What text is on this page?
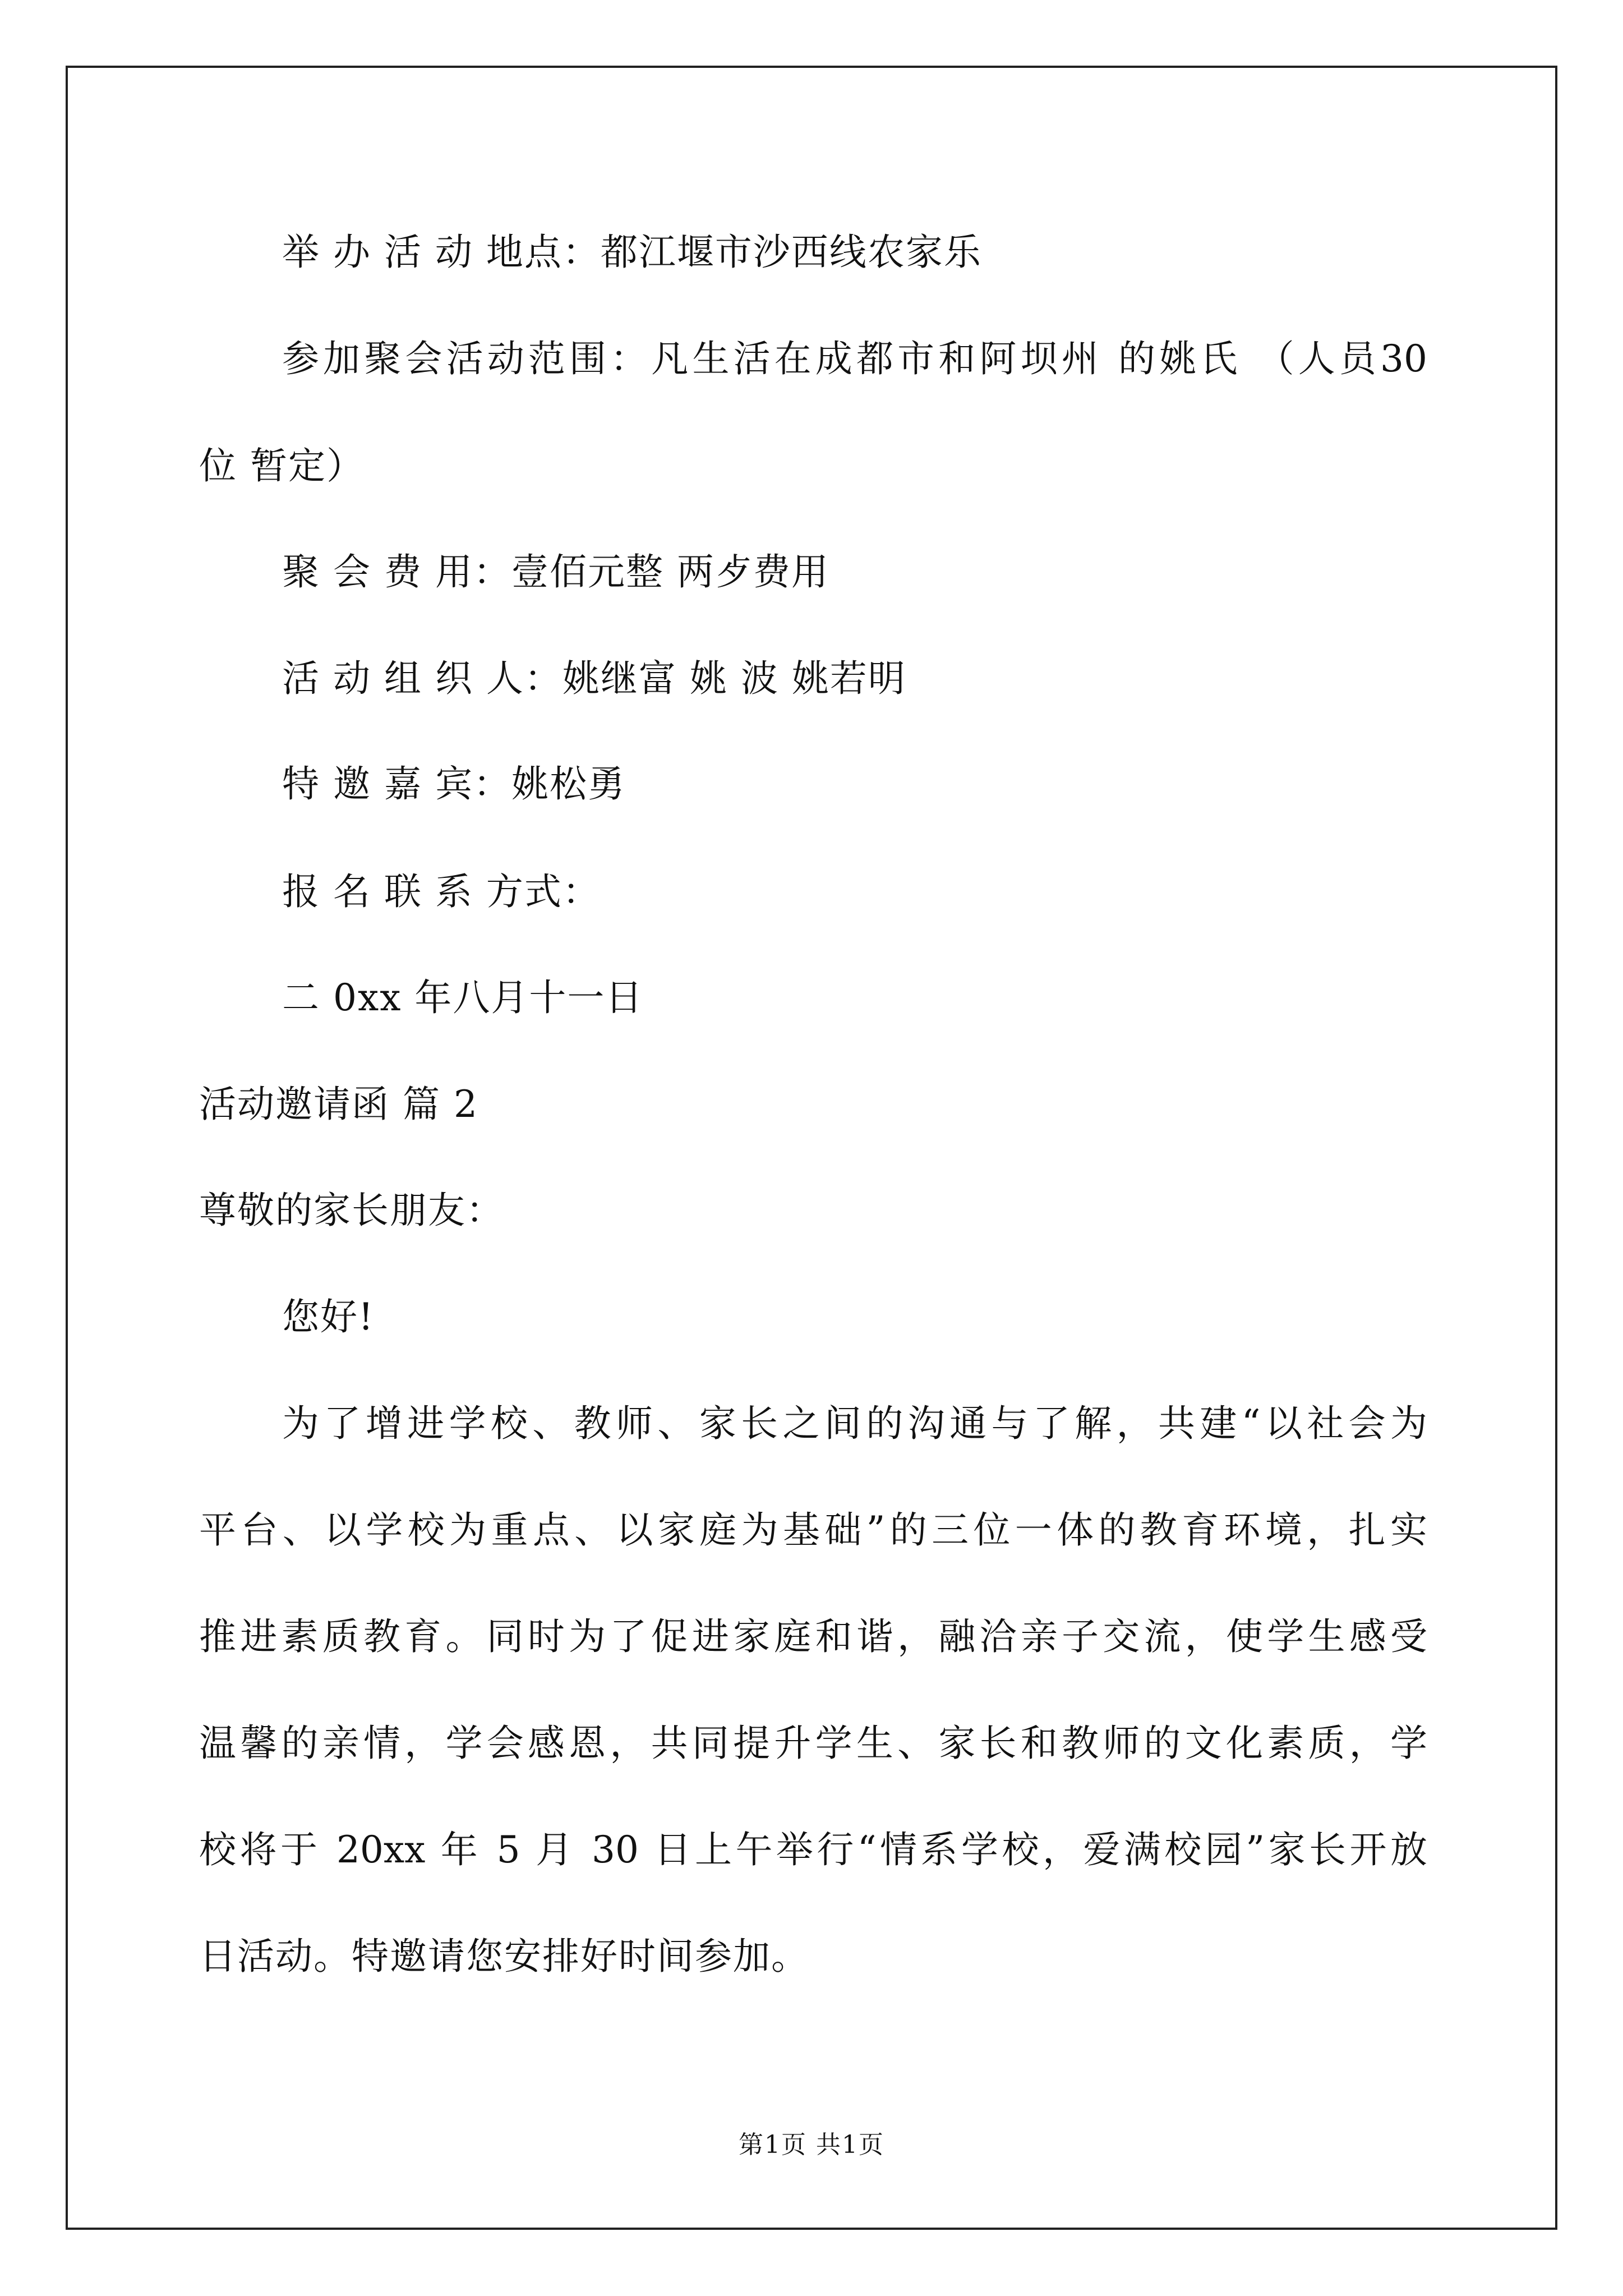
举 办 活 动 地点：都江堰市沙西线农家乐
参加聚会活动范围：凡生活在成都市和阿坝州 的姚氏 （人员30
位 暂定）
聚 会 费 用：壹佰元整 两歺费用
活 动 组 织 人：姚继富 姚 波 姚若明
特 邀 嘉 宾：姚松勇
报 名 联 系 方式：
二 0xx 年八月十一日
活动邀请函 篇 2
尊敬的家长朋友：
您好!
为了增进学校、教师、家长之间的沟通与了解，共建“以社会为
平台、以学校为重点、以家庭为基础”的三位一体的教育环境，扎实
推进素质教育。同时为了促进家庭和谐，融洽亲子交流，使学生感受
温馨的亲情，学会感恩，共同提升学生、家长和教师的文化素质，学
校将于 20xx 年 5 月 30 日上午举行“情系学校，爱满校园”家长开放
日活动。特邀请您安排好时间参加。
第1页 共1页
